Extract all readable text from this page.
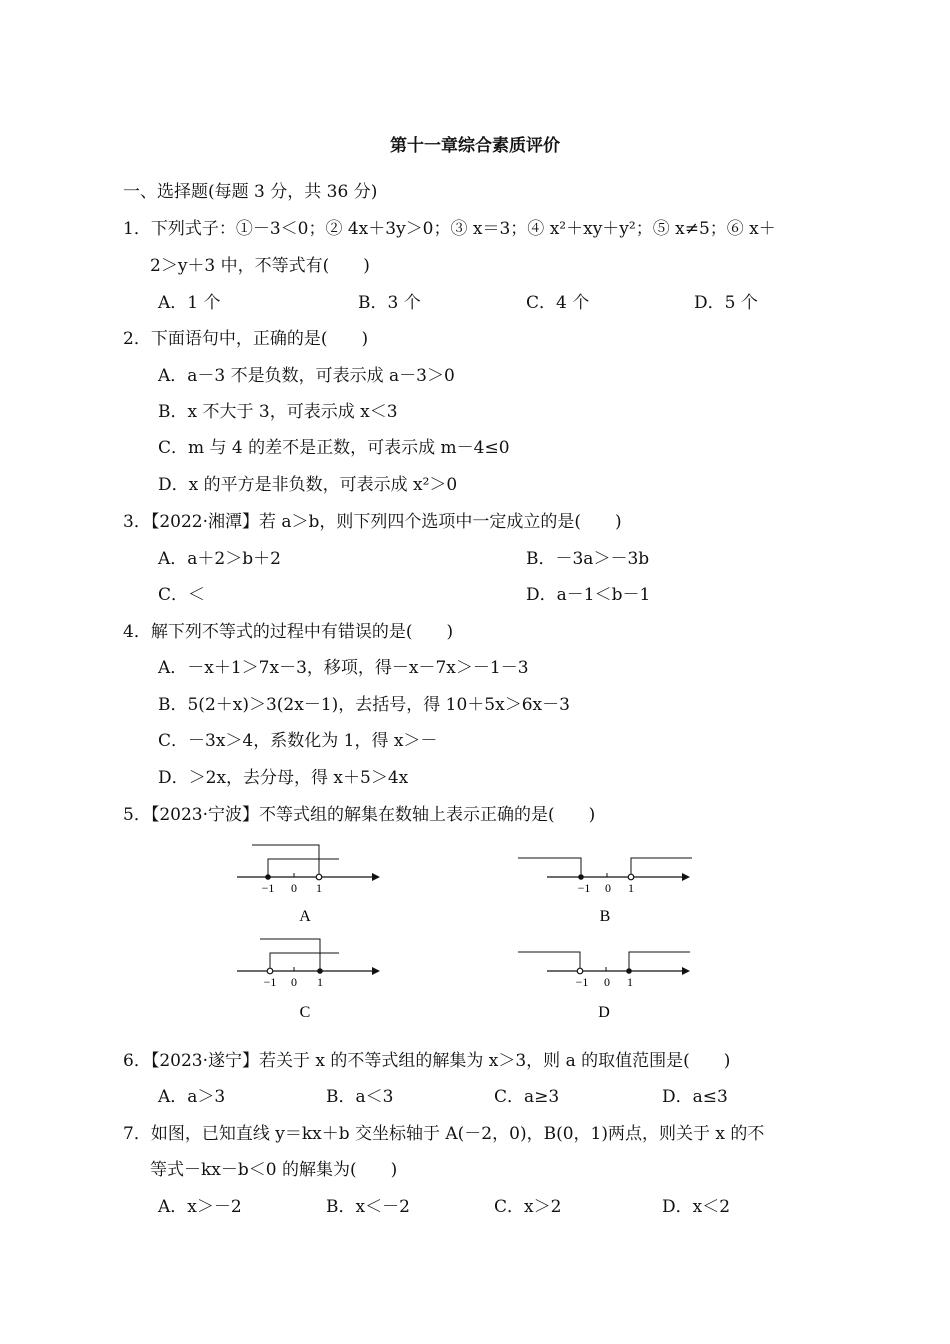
第十一章综合素质评价
一、选择题(每题 3 分，共 36 分)
1．下列式子：①－3＜0；② 4x＋3y＞0；③ x＝3；④ x²＋xy＋y²；⑤ x≠5；⑥ x＋
2＞y＋3 中，不等式有(　　)
A．1 个	B．3 个	C．4 个	D．5 个
2．下面语句中，正确的是(　　)
A．a－3 不是负数，可表示成 a－3＞0
B．x 不大于 3，可表示成 x＜3
C．m 与 4 的差不是正数，可表示成 m－4≤0
D．x 的平方是非负数，可表示成 x²＞0
3．【2022·湘潭】若 a＞b，则下列四个选项中一定成立的是(　　)
A．a＋2＞b＋2	B．－3a＞－3b
C．＜	D．a－1＜b－1
4．解下列不等式的过程中有错误的是(　　)
A．－x＋1＞7x－3，移项，得－x－7x＞－1－3
B．5(2＋x)＞3(2x－1)，去括号，得 10＋5x＞6x－3
C．－3x＞4，系数化为 1，得 x＞－
D．＞2x，去分母，得 x＋5＞4x
5．【2023·宁波】不等式组的解集在数轴上表示正确的是(　　)
−1 0 1
A
−1 0 1
B
−1 0 1
C
−1 0 1
D
6．【2023·遂宁】若关于 x 的不等式组的解集为 x＞3，则 a 的取值范围是(　　)
A．a＞3	B．a＜3	C．a≥3	D．a≤3
7．如图，已知直线 y＝kx＋b 交坐标轴于 A(－2，0)，B(0，1)两点，则关于 x 的不
等式－kx－b＜0 的解集为(　　)
A．x＞－2	B．x＜－2	C．x＞2	D．x＜2
